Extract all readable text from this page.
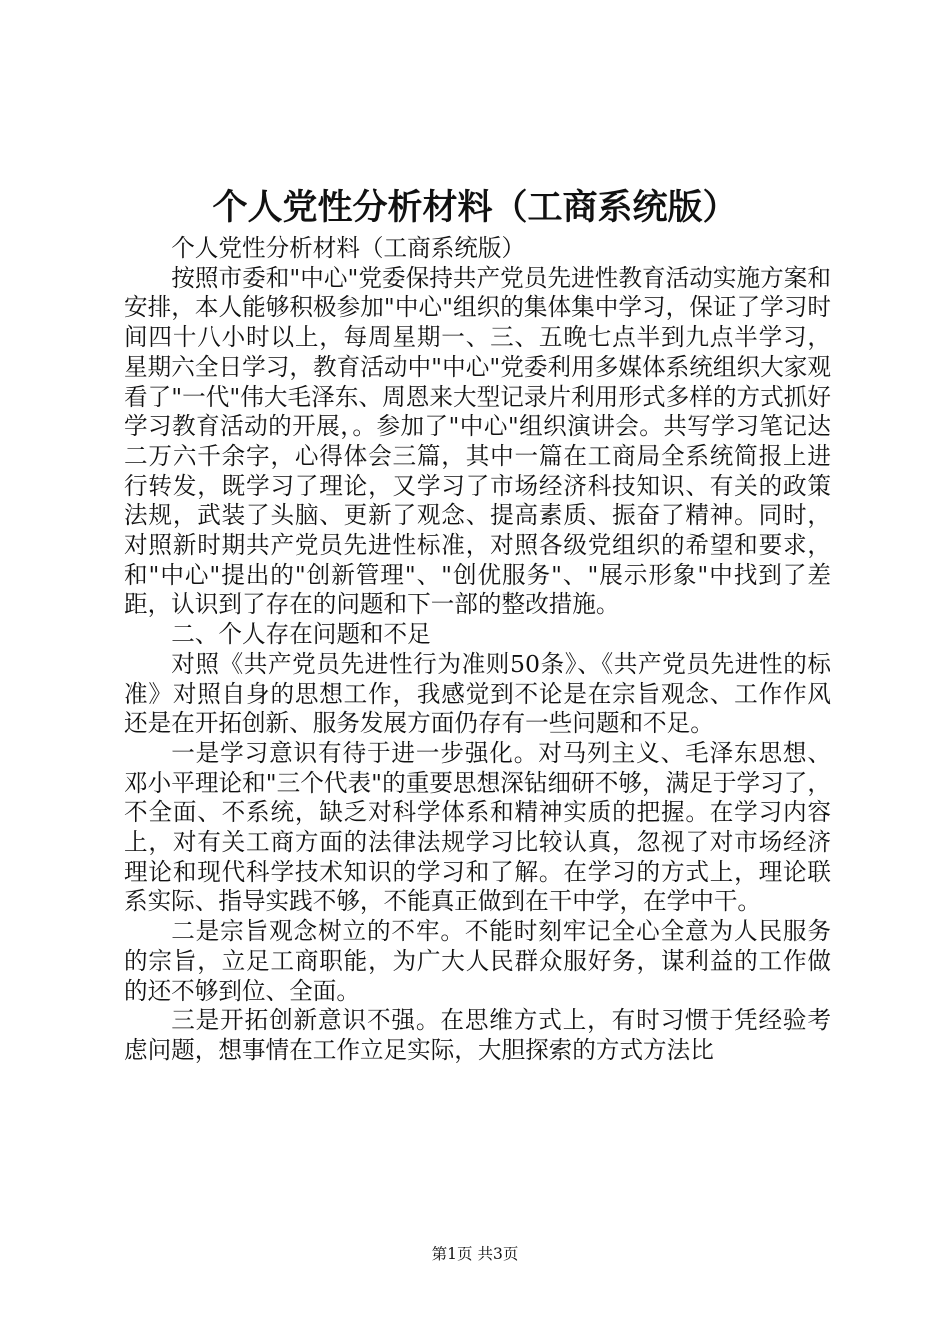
个人党性分析材料（工商系统版）

个人党性分析材料（工商系统版）

按照市委和"中心"党委保持共产党员先进性教育活动实施方案和安排，本人能够积极参加"中心"组织的集体集中学习，保证了学习时间四十八小时以上，每周星期一、三、五晚七点半到九点半学习，星期六全日学习，教育活动中"中心"党委利用多媒体系统组织大家观看了"一代"伟大毛泽东、周恩来大型记录片利用形式多样的方式抓好学习教育活动的开展，。参加了"中心"组织演讲会。共写学习笔记达二万六千余字，心得体会三篇，其中一篇在工商局全系统简报上进行转发，既学习了理论，又学习了市场经济科技知识、有关的政策法规，武装了头脑、更新了观念、提高素质、振奋了精神。同时，对照新时期共产党员先进性标准，对照各级党组织的希望和要求，和"中心"提出的"创新管理"、"创优服务"、"展示形象"中找到了差距，认识到了存在的问题和下一部的整改措施。

二、个人存在问题和不足

对照《共产党员先进性行为准则50条》、《共产党员先进性的标准》对照自身的思想工作，我感觉到不论是在宗旨观念、工作作风还是在开拓创新、服务发展方面仍存有一些问题和不足。

一是学习意识有待于进一步强化。对马列主义、毛泽东思想、邓小平理论和"三个代表"的重要思想深钻细研不够，满足于学习了，不全面、不系统，缺乏对科学体系和精神实质的把握。在学习内容上，对有关工商方面的法律法规学习比较认真，忽视了对市场经济理论和现代科学技术知识的学习和了解。在学习的方式上，理论联系实际、指导实践不够，不能真正做到在干中学，在学中干。

二是宗旨观念树立的不牢。不能时刻牢记全心全意为人民服务的宗旨，立足工商职能，为广大人民群众服好务，谋利益的工作做的还不够到位、全面。

三是开拓创新意识不强。在思维方式上，有时习惯于凭经验考虑问题，想事情在工作立足实际，大胆探索的方式方法比

第1页 共3页
